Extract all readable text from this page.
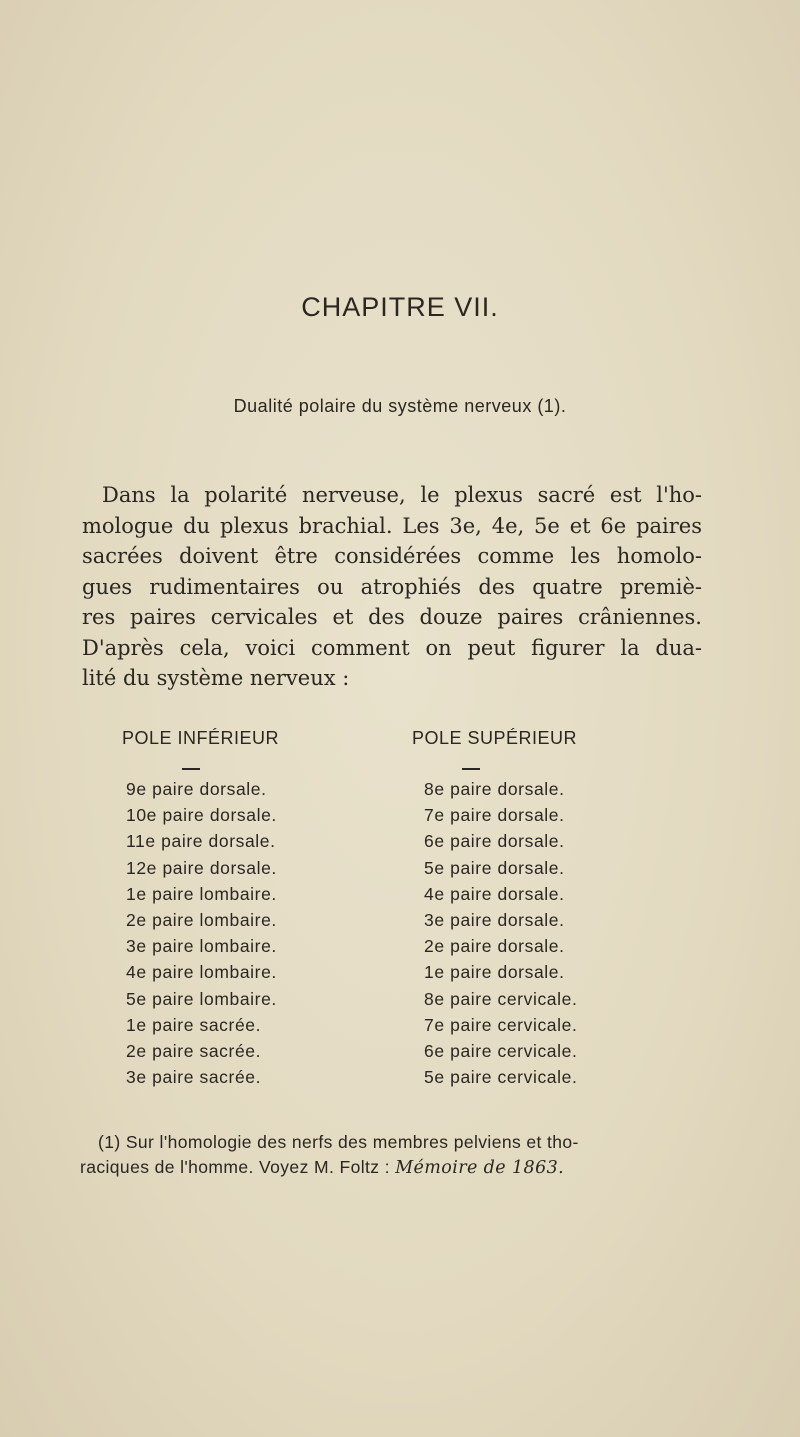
CHAPITRE VII.

Dualité polaire du système nerveux (1).

Dans la polarité nerveuse, le plexus sacré est l'ho-
mologue du plexus brachial. Les 3e, 4e, 5e et 6e paires
sacrées doivent être considérées comme les homolo-
gues rudimentaires ou atrophiés des quatre premiè-
res paires cervicales et des douze paires crâniennes.
D'après cela, voici comment on peut figurer la dua-
lité du système nerveux :
POLE INFÉRIEUR	POLE SUPÉRIEUR
9e paire dorsale.
10e paire dorsale.
11e paire dorsale.
12e paire dorsale.
1e paire lombaire.
2e paire lombaire.
3e paire lombaire.
4e paire lombaire.
5e paire lombaire.
1e paire sacrée.
2e paire sacrée.
3e paire sacrée.
8e paire dorsale.
7e paire dorsale.
6e paire dorsale.
5e paire dorsale.
4e paire dorsale.
3e paire dorsale.
2e paire dorsale.
1e paire dorsale.
8e paire cervicale.
7e paire cervicale.
6e paire cervicale.
5e paire cervicale.
(1) Sur l'homologie des nerfs des membres pelviens et tho-
raciques de l'homme. Voyez M. Foltz : Mémoire de 1863.
